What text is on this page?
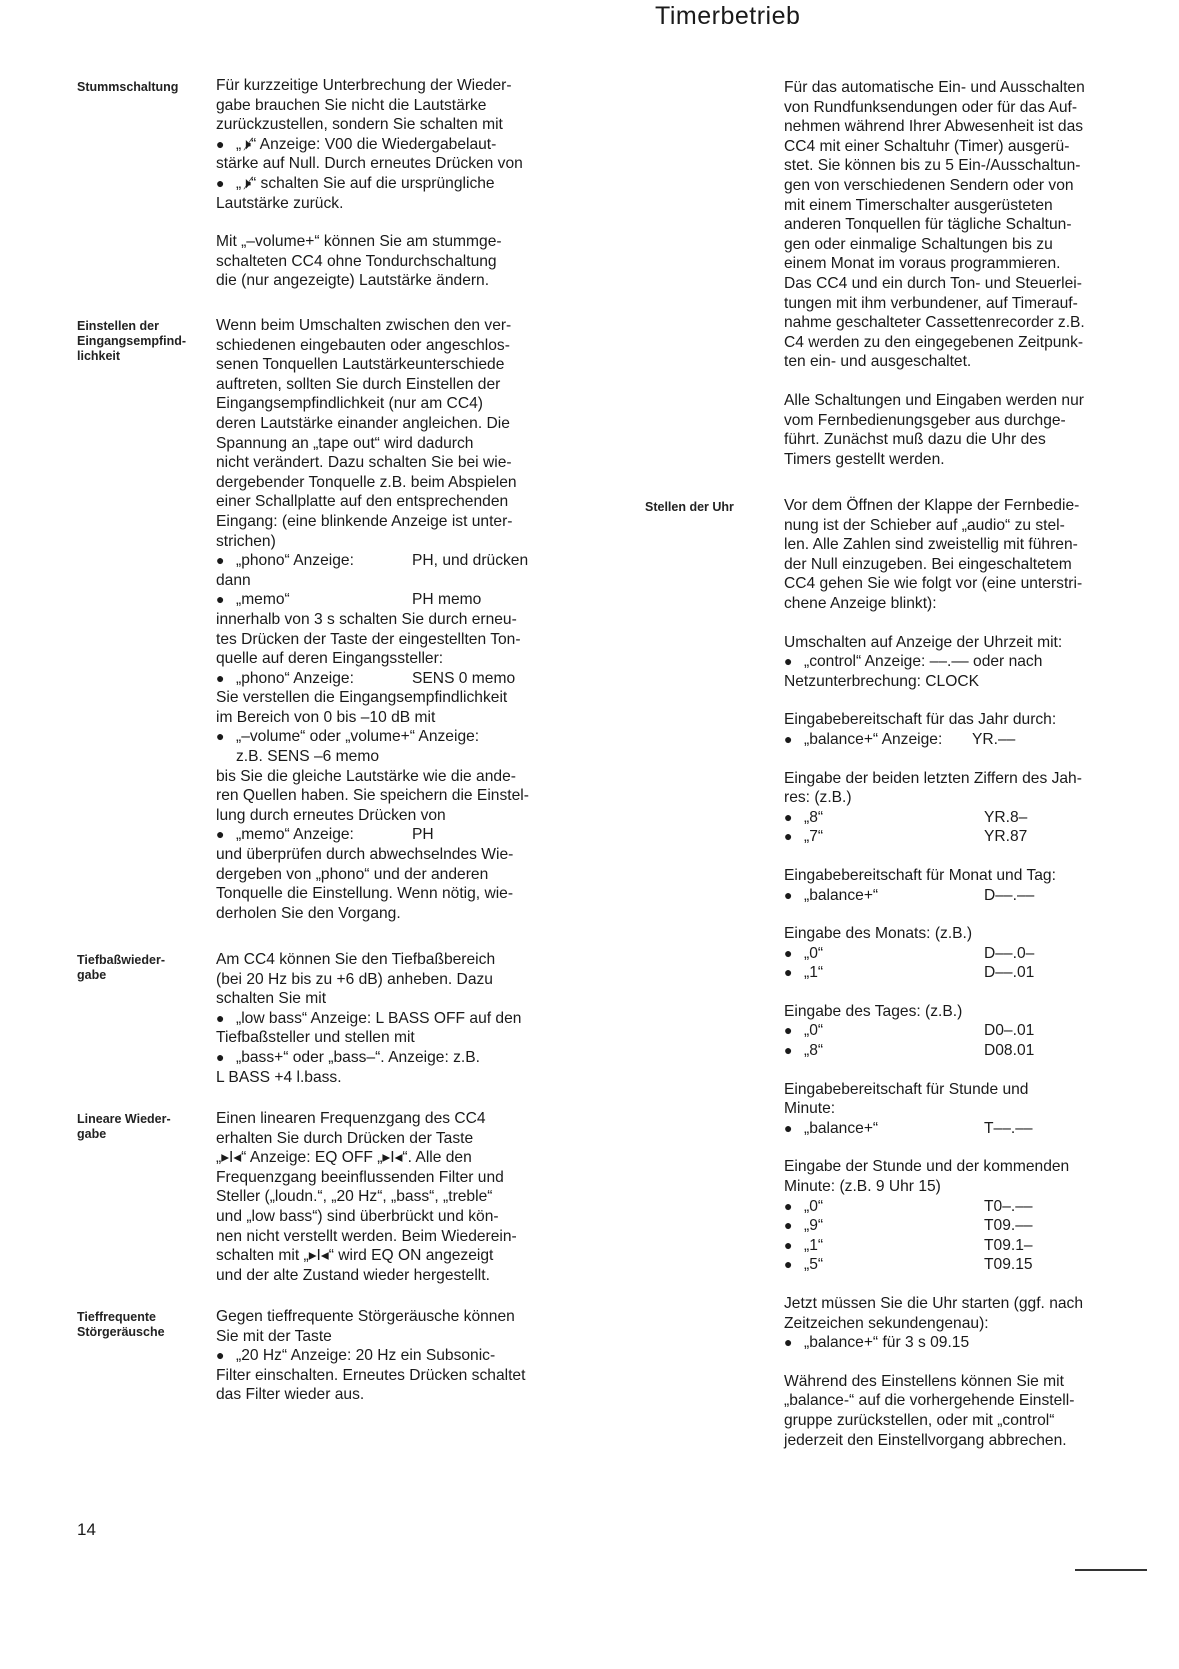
Timerbetrieb
Stummschaltung Für kurzzeitige Unterbrechung der Wieder-
gabe brauchen Sie nicht die Lautstärke
zurückzustellen, sondern Sie schalten mit
● „🕨̸“ Anzeige: V00 die Wiedergabelaut-
stärke auf Null. Durch erneutes Drücken von
● „🕨̸“ schalten Sie auf die ursprüngliche
Lautstärke zurück.
Mit „–volume+“ können Sie am stummge-
schalteten CC4 ohne Tondurchschaltung
die (nur angezeigte) Lautstärke ändern.
Einstellen der
Eingangsempfind-
lichkeit
Wenn beim Umschalten zwischen den ver-
schiedenen eingebauten oder angeschlos-
senen Tonquellen Lautstärkeunterschiede
auftreten, sollten Sie durch Einstellen der
Eingangsempfindlichkeit (nur am CC4)
deren Lautstärke einander angleichen. Die
Spannung an „tape out“ wird dadurch
nicht verändert. Dazu schalten Sie bei wie-
dergebender Tonquelle z.B. beim Abspielen
einer Schallplatte auf den entsprechenden
Eingang: (eine blinkende Anzeige ist unter-
strichen)
● „phono“ Anzeige:	PH, und drücken
dann
● „memo“	PH memo
innerhalb von 3 s schalten Sie durch erneu-
tes Drücken der Taste der eingestellten Ton-
quelle auf deren Eingangssteller:
● „phono“ Anzeige:	SENS 0 memo
Sie verstellen die Eingangsempfindlichkeit
im Bereich von 0 bis –10 dB mit
● „–volume“ oder „volume+“ Anzeige:
z.B. SENS –6 memo
bis Sie die gleiche Lautstärke wie die ande-
ren Quellen haben. Sie speichern die Einstel-
lung durch erneutes Drücken von
● „memo“ Anzeige:	PH
und überprüfen durch abwechselndes Wie-
dergeben von „phono“ und der anderen
Tonquelle die Einstellung. Wenn nötig, wie-
derholen Sie den Vorgang.
Tiefbaßwieder-
gabe
Am CC4 können Sie den Tiefbaßbereich
(bei 20 Hz bis zu +6 dB) anheben. Dazu
schalten Sie mit
● „low bass“ Anzeige: L BASS OFF auf den
Tiefbaßsteller und stellen mit
● „bass+“ oder „bass–“. Anzeige: z.B.
L BASS +4 l.bass.
Lineare Wieder-
gabe
Einen linearen Frequenzgang des CC4
erhalten Sie durch Drücken der Taste
„▸I◂“ Anzeige: EQ OFF „▸I◂“. Alle den
Frequenzgang beeinflussenden Filter und
Steller („loudn.“, „20 Hz“, „bass“, „treble“
und „low bass“) sind überbrückt und kön-
nen nicht verstellt werden. Beim Wiederein-
schalten mit „▸I◂“ wird EQ ON angezeigt
und der alte Zustand wieder hergestellt.
Tieffrequente
Störgeräusche
Gegen tieffrequente Störgeräusche können
Sie mit der Taste
● „20 Hz“ Anzeige: 20 Hz ein Subsonic-
Filter einschalten. Erneutes Drücken schaltet
das Filter wieder aus.
14
Für das automatische Ein- und Ausschalten
von Rundfunksendungen oder für das Auf-
nehmen während Ihrer Abwesenheit ist das
CC4 mit einer Schaltuhr (Timer) ausgerü-
stet. Sie können bis zu 5 Ein-/Ausschaltun-
gen von verschiedenen Sendern oder von
mit einem Timerschalter ausgerüsteten
anderen Tonquellen für tägliche Schaltun-
gen oder einmalige Schaltungen bis zu
einem Monat im voraus programmieren.
Das CC4 und ein durch Ton- und Steuerlei-
tungen mit ihm verbundener, auf Timerauf-
nahme geschalteter Cassettenrecorder z.B.
C4 werden zu den eingegebenen Zeitpunk-
ten ein- und ausgeschaltet.
Alle Schaltungen und Eingaben werden nur
vom Fernbedienungsgeber aus durchge-
führt. Zunächst muß dazu die Uhr des
Timers gestellt werden.
Stellen der Uhr	Vor dem Öffnen der Klappe der Fernbedie-
nung ist der Schieber auf „audio“ zu stel-
len. Alle Zahlen sind zweistellig mit führen-
der Null einzugeben. Bei eingeschaltetem
CC4 gehen Sie wie folgt vor (eine unterstri-
chene Anzeige blinkt):
Umschalten auf Anzeige der Uhrzeit mit:
● „control“ Anzeige: ––.–– oder nach
Netzunterbrechung: CLOCK
Eingabebereitschaft für das Jahr durch:
● „balance+“ Anzeige: YR.––
Eingabe der beiden letzten Ziffern des Jah-
res: (z.B.)
● „8“	YR.8–
● „7“	YR.87
Eingabebereitschaft für Monat und Tag:
● „balance+“	D––.––
Eingabe des Monats: (z.B.)
● „0“	D––.0–
● „1“	D––.01
Eingabe des Tages: (z.B.)
● „0“	D0–.01
● „8“	D08.01
Eingabebereitschaft für Stunde und
Minute:
● „balance+“	T––.––
Eingabe der Stunde und der kommenden
Minute: (z.B. 9 Uhr 15)
● „0“	T0–.––
● „9“	T09.––
● „1“	T09.1–
● „5“	T09.15
Jetzt müssen Sie die Uhr starten (ggf. nach
Zeitzeichen sekundengenau):
● „balance+“ für 3 s 09.15
Während des Einstellens können Sie mit
„balance-“ auf die vorhergehende Einstell-
gruppe zurückstellen, oder mit „control“
jederzeit den Einstellvorgang abbrechen.
